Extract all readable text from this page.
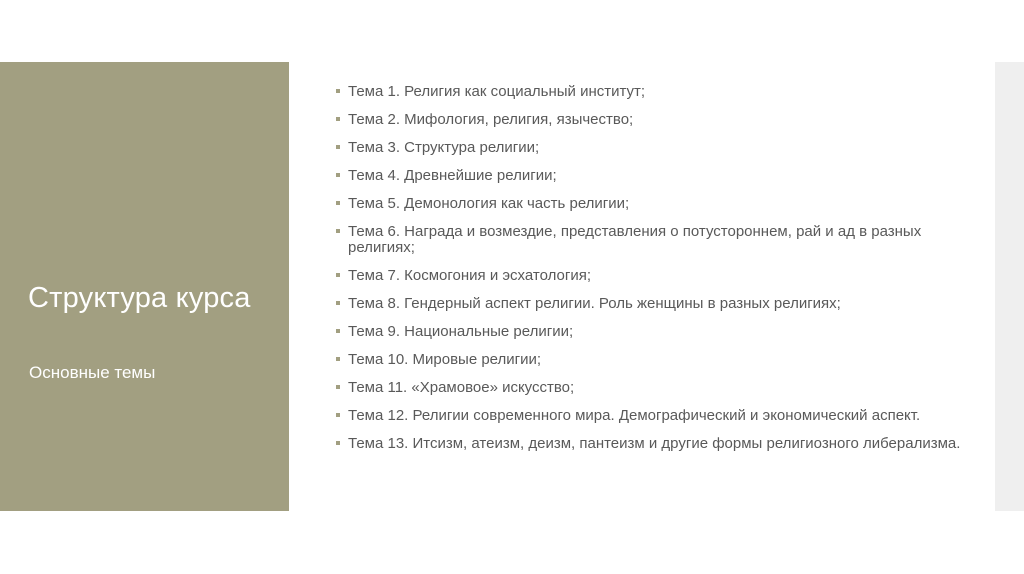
Структура курса
Основные темы
Тема 1. Религия как социальный институт;
Тема 2. Мифология, религия, язычество;
Тема 3. Структура религии;
Тема 4. Древнейшие религии;
Тема 5. Демонология как часть религии;
Тема 6. Награда и возмездие, представления о потустороннем, рай и ад в разных религиях;
Тема 7. Космогония и эсхатология;
Тема 8. Гендерный аспект религии. Роль женщины в разных религиях;
Тема 9. Национальные религии;
Тема 10. Мировые религии;
Тема 11. «Храмовое» искусство;
Тема 12. Религии современного мира. Демографический и экономический аспект.
Тема 13. Итсизм, атеизм, деизм, пантеизм и другие формы религиозного либерализма.
